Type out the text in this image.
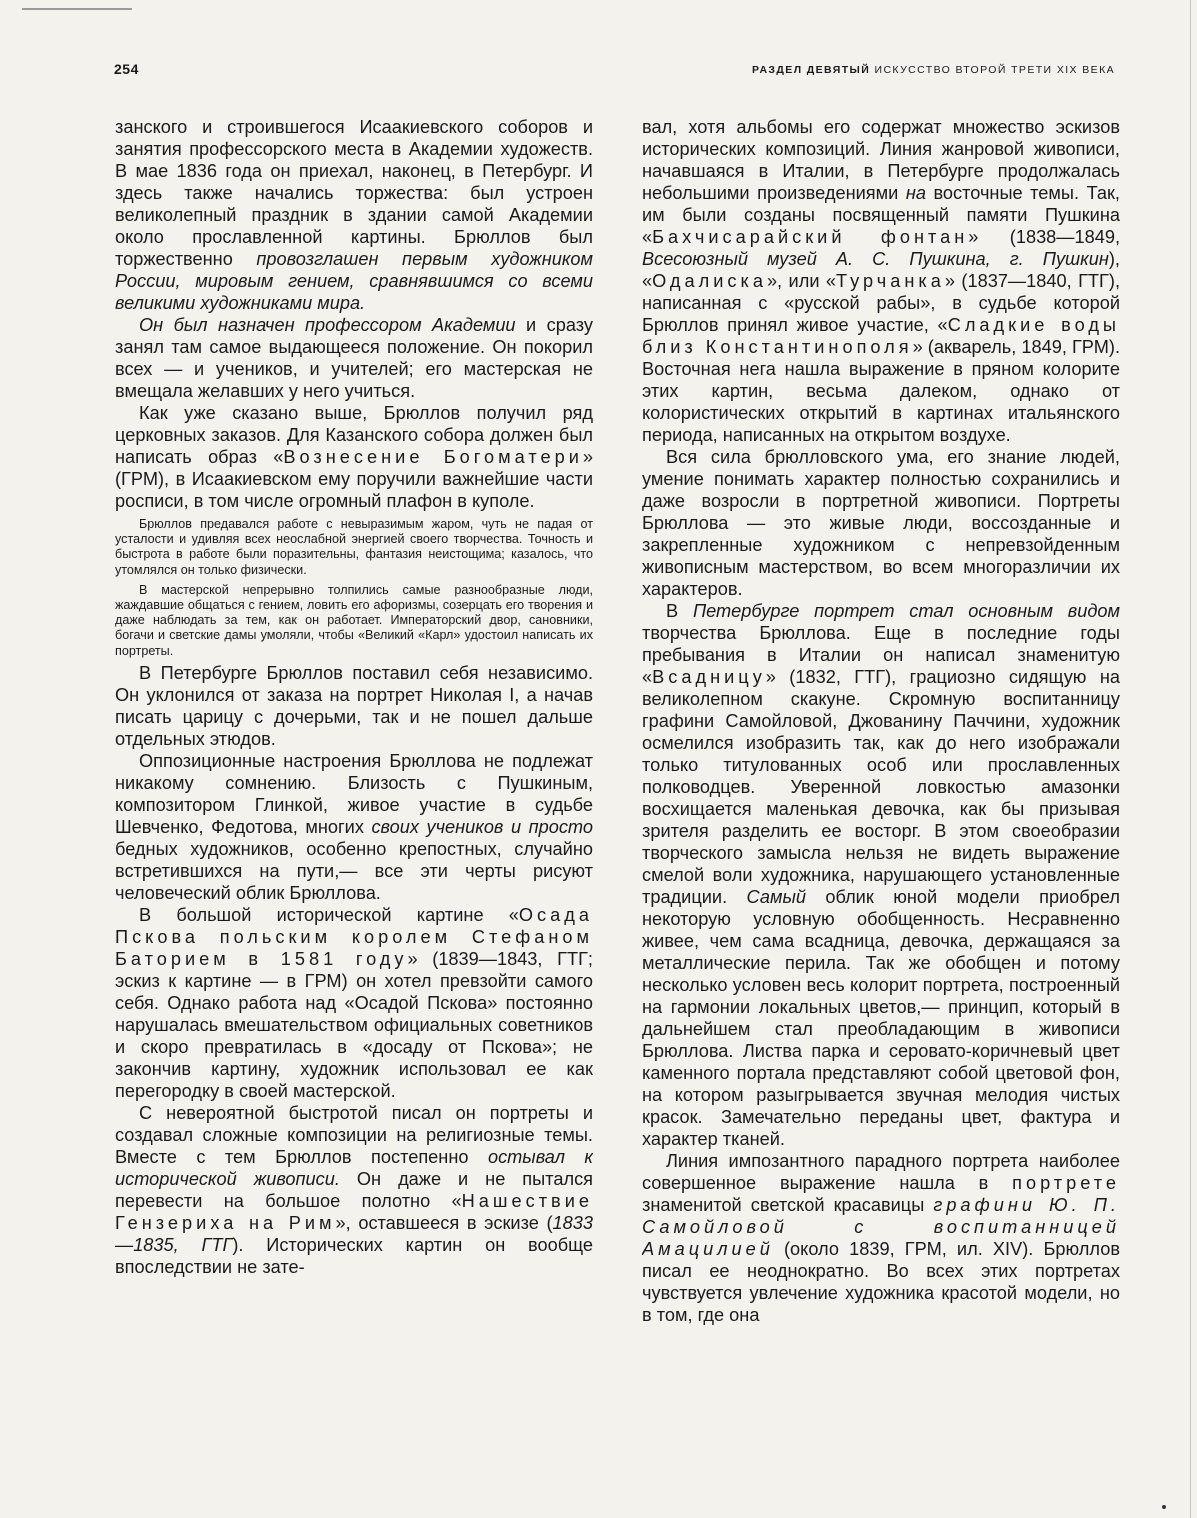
254	РАЗДЕЛ ДЕВЯТЫЙ ИСКУССТВО ВТОРОЙ ТРЕТИ XIX ВЕКА

занского и строившегося Исаакиевского соборов и занятия профессорского места в Академии художеств. В мае 1836 года он приехал, наконец, в Петербург. И здесь также начались торжества: был устроен великолепный праздник в здании самой Академии около прославленной картины. Брюллов был торжественно провозглашен первым художником России, мировым гением, сравнявшимся со всеми великими художниками мира.

Он был назначен профессором Академии и сразу занял там самое выдающееся положение. Он покорил всех — и учеников, и учителей; его мастерская не вмещала желавших у него учиться.

Как уже сказано выше, Брюллов получил ряд церковных заказов. Для Казанского собора должен был написать образ «Вознесение Богоматери» (ГРМ), в Исаакиевском ему поручили важнейшие части росписи, в том числе огромный плафон в куполе.

Брюллов предавался работе с невыразимым жаром, чуть не падая от усталости и удивляя всех неослабной энергией своего творчества. Точность и быстрота в работе были поразительны, фантазия неистощима; казалось, что утомлялся он только физически.

В мастерской непрерывно толпились самые разнообразные люди, жаждавшие общаться с гением, ловить его афоризмы, созерцать его творения и даже наблюдать за тем, как он работает. Императорский двор, сановники, богачи и светские дамы умоляли, чтобы «Великий «Карл» удостоил написать их портреты.

В Петербурге Брюллов поставил себя независимо. Он уклонился от заказа на портрет Николая I, а начав писать царицу с дочерьми, так и не пошел дальше отдельных этюдов.

Оппозиционные настроения Брюллова не подлежат никакому сомнению. Близость с Пушкиным, композитором Глинкой, живое участие в судьбе Шевченко, Федотова, многих своих учеников и просто бедных художников, особенно крепостных, случайно встретившихся на пути,— все эти черты рисуют человеческий облик Брюллова.

В большой исторической картине «Осада Пскова польским королем Стефаном Баторием в 1581 году» (1839—1843, ГТГ; эскиз к картине — в ГРМ) он хотел превзойти самого себя. Однако работа над «Осадой Пскова» постоянно нарушалась вмешательством официальных советников и скоро превратилась в «досаду от Пскова»; не закончив картину, художник использовал ее как перегородку в своей мастерской.

С невероятной быстротой писал он портреты и создавал сложные композиции на религиозные темы. Вместе с тем Брюллов постепенно остывал к исторической живописи. Он даже и не пытался перевести на большое полотно «Нашествие Гензериха на Рим», оставшееся в эскизе (1833—1835, ГТГ). Исторических картин он вообще впоследствии не зате-

вал, хотя альбомы его содержат множество эскизов исторических композиций. Линия жанровой живописи, начавшаяся в Италии, в Петербурге продолжалась небольшими произведениями на восточные темы. Так, им были созданы посвященный памяти Пушкина «Бахчисарайский фонтан» (1838—1849, Всесоюзный музей А. С. Пушкина, г. Пушкин), «Одалиска», или «Турчанка» (1837—1840, ГТГ), написанная с «русской рабы», в судьбе которой Брюллов принял живое участие, «Сладкие воды близ Константинополя» (акварель, 1849, ГРМ). Восточная нега нашла выражение в пряном колорите этих картин, весьма далеком, однако от колористических открытий в картинах итальянского периода, написанных на открытом воздухе.

Вся сила брюлловского ума, его знание людей, умение понимать характер полностью сохранились и даже возросли в портретной живописи. Портреты Брюллова — это живые люди, воссозданные и закрепленные художником с непревзойденным живописным мастерством, во всем многоразличии их характеров.

В Петербурге портрет стал основным видом творчества Брюллова. Еще в последние годы пребывания в Италии он написал знаменитую «Всадницу» (1832, ГТГ), грациозно сидящую на великолепном скакуне. Скромную воспитанницу графини Самойловой, Джованину Паччини, художник осмелился изобразить так, как до него изображали только титулованных особ или прославленных полководцев. Уверенной ловкостью амазонки восхищается маленькая девочка, как бы призывая зрителя разделить ее восторг. В этом своеобразии творческого замысла нельзя не видеть выражение смелой воли художника, нарушающего установленные традиции. Самый облик юной модели приобрел некоторую условную обобщенность. Несравненно живее, чем сама всадница, девочка, держащаяся за металлические перила. Так же обобщен и потому несколько условен весь колорит портрета, построенный на гармонии локальных цветов,— принцип, который в дальнейшем стал преобладающим в живописи Брюллова. Листва парка и серовато-коричневый цвет каменного портала представляют собой цветовой фон, на котором разыгрывается звучная мелодия чистых красок. Замечательно переданы цвет, фактура и характер тканей.

Линия импозантного парадного портрета наиболее совершенное выражение нашла в портрете знаменитой светской красавицы графини Ю. П. Самойловой с воспитанницей Амацилией (около 1839, ГРМ, ил. XIV). Брюллов писал ее неоднократно. Во всех этих портретах чувствуется увлечение художника красотой модели, но в том, где она
